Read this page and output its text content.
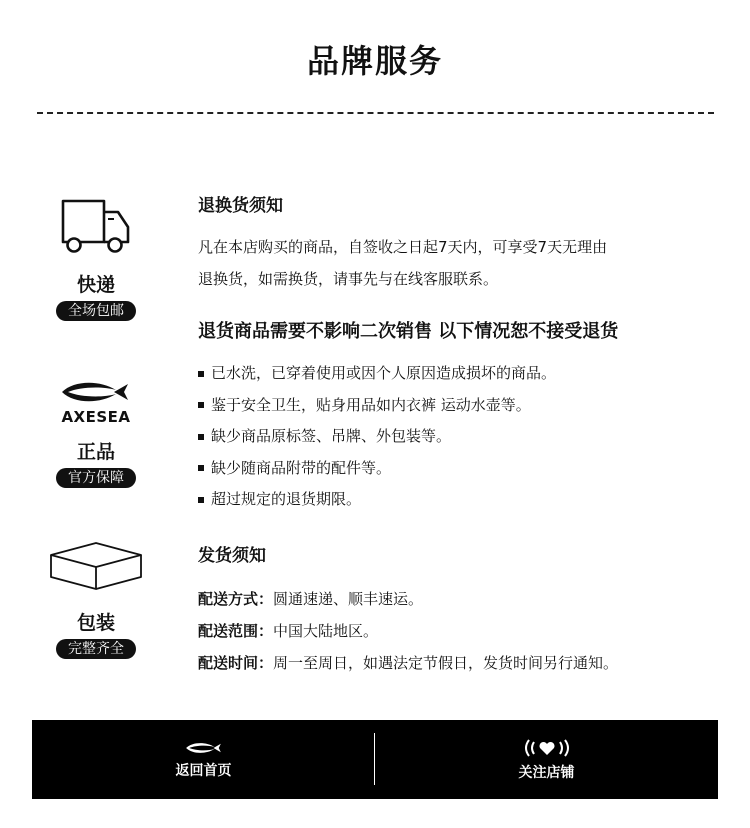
品牌服务
快递
全场包邮
AXESEA
正品
官方保障
包装
完整齐全
退换货须知
凡在本店购买的商品，自签收之日起7天内，可享受7天无理由
退换货，如需换货，请事先与在线客服联系。
退货商品需要不影响二次销售 以下情况恕不接受退货
已水洗，已穿着使用或因个人原因造成损坏的商品。
鉴于安全卫生，贴身用品如内衣裤 运动水壶等。
缺少商品原标签、吊牌、外包装等。
缺少随商品附带的配件等。
超过规定的退货期限。
发货须知
配送方式：圆通速递、顺丰速运。
配送范围：中国大陆地区。
配送时间：周一至周日，如遇法定节假日，发货时间另行通知。
返回首页	关注店铺
